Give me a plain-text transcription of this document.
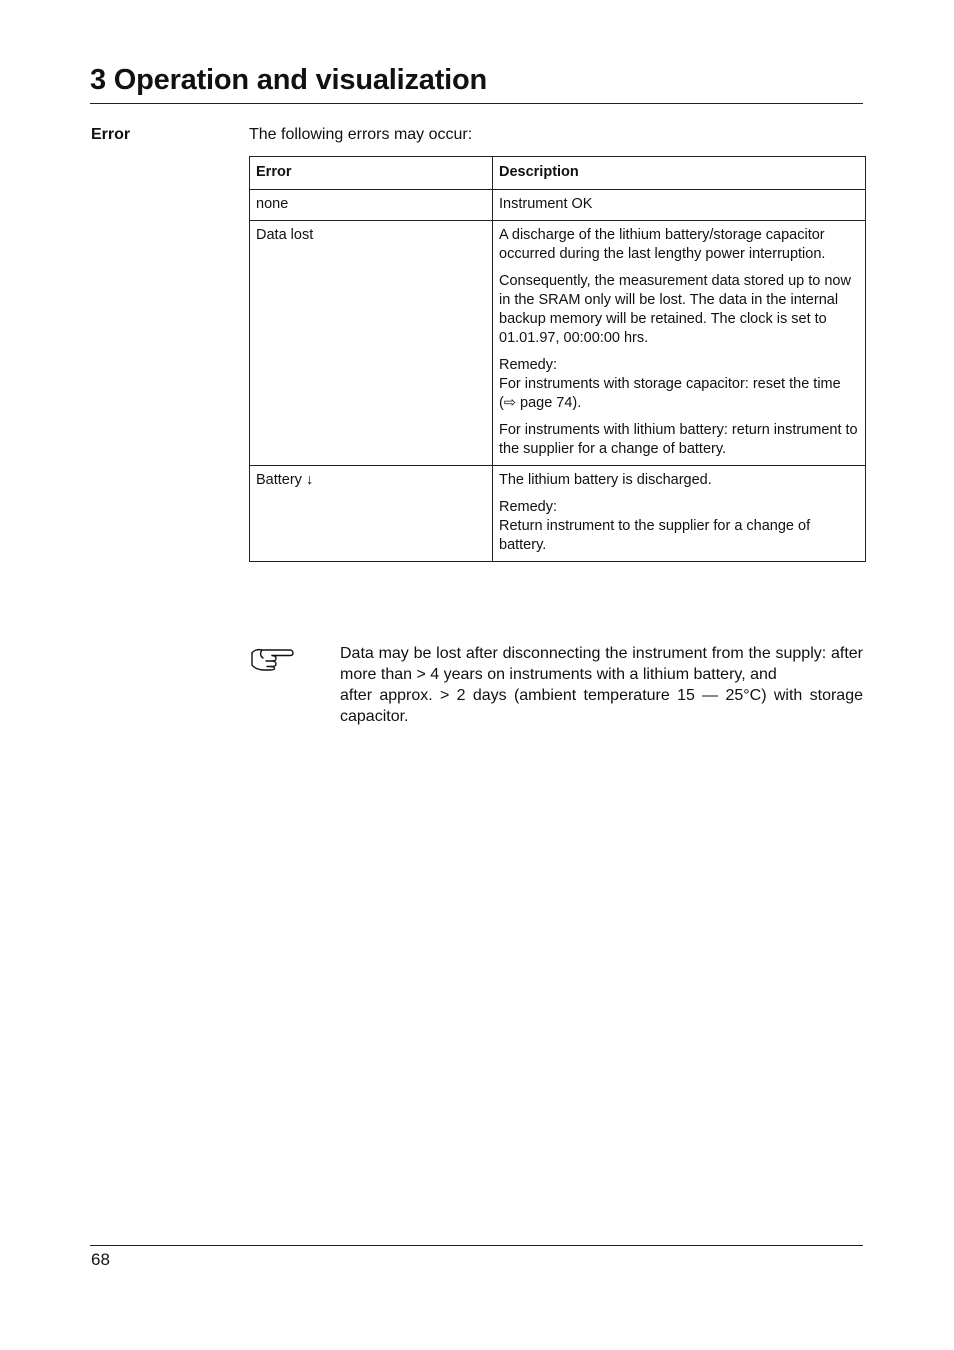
3 Operation and visualization
Error	The following errors may occur:
Error	Description
none	Instrument OK

Data lost	A discharge of the lithium battery/storage capacitor occurred during the last lengthy power interruption.

Consequently, the measurement data stored up to now in the SRAM only will be lost. The data in the internal backup memory will be retained. The clock is set to 01.01.97, 00:00:00 hrs.

Remedy:
For instruments with storage capacitor: reset the time (⇨ page 74).

For instruments with lithium battery: return instrument to the supplier for a change of battery.

Battery ↓	The lithium battery is discharged.

Remedy:
Return instrument to the supplier for a change of battery.

Data may be lost after disconnecting the instrument from the supply: after more than > 4 years on instruments with a lithium battery, and
after approx. > 2 days (ambient temperature 15 — 25°C) with storage capacitor.

68
